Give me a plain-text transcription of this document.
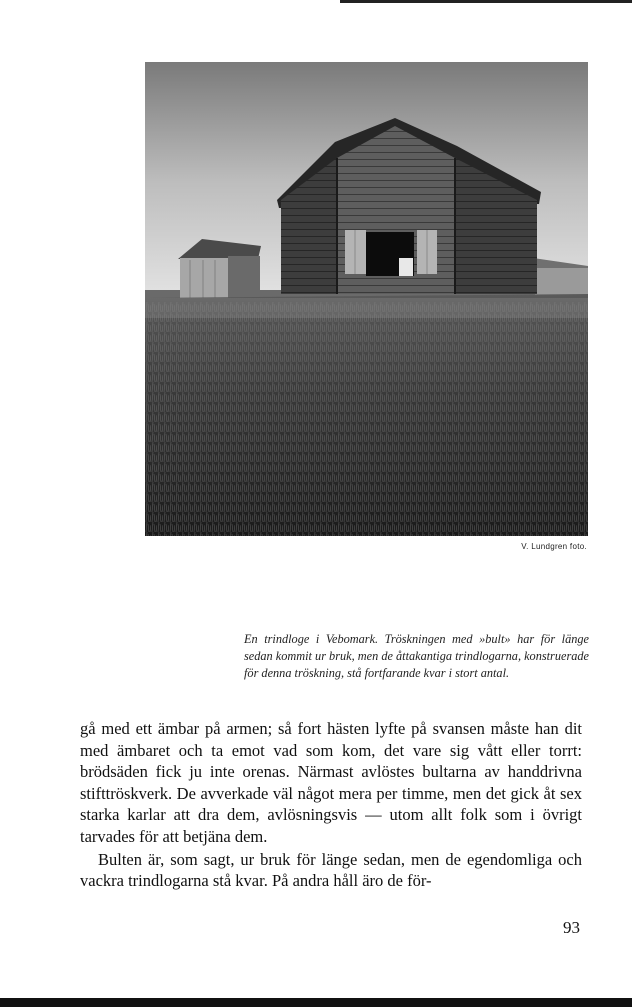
V. Lundgren foto.
En trindloge i Vebomark. Tröskningen med »bult» har för länge sedan kommit ur bruk, men de åttakantiga trindlogarna, konstruerade för denna tröskning, stå fortfarande kvar i stort antal.

gå med ett ämbar på armen; så fort hästen lyfte på svansen måste han dit med ämbaret och ta emot vad som kom, det vare sig vått eller torrt: brödsäden fick ju inte orenas. Närmast avlöstes bultarna av handdrivna stifttröskverk. De avverkade väl något mera per timme, men det gick åt sex starka karlar att dra dem, avlösningsvis — utom allt folk som i övrigt tarvades för att betjäna dem.

Bulten är, som sagt, ur bruk för länge sedan, men de egendomliga och vackra trindlogarna stå kvar. På andra håll äro de för-

93
